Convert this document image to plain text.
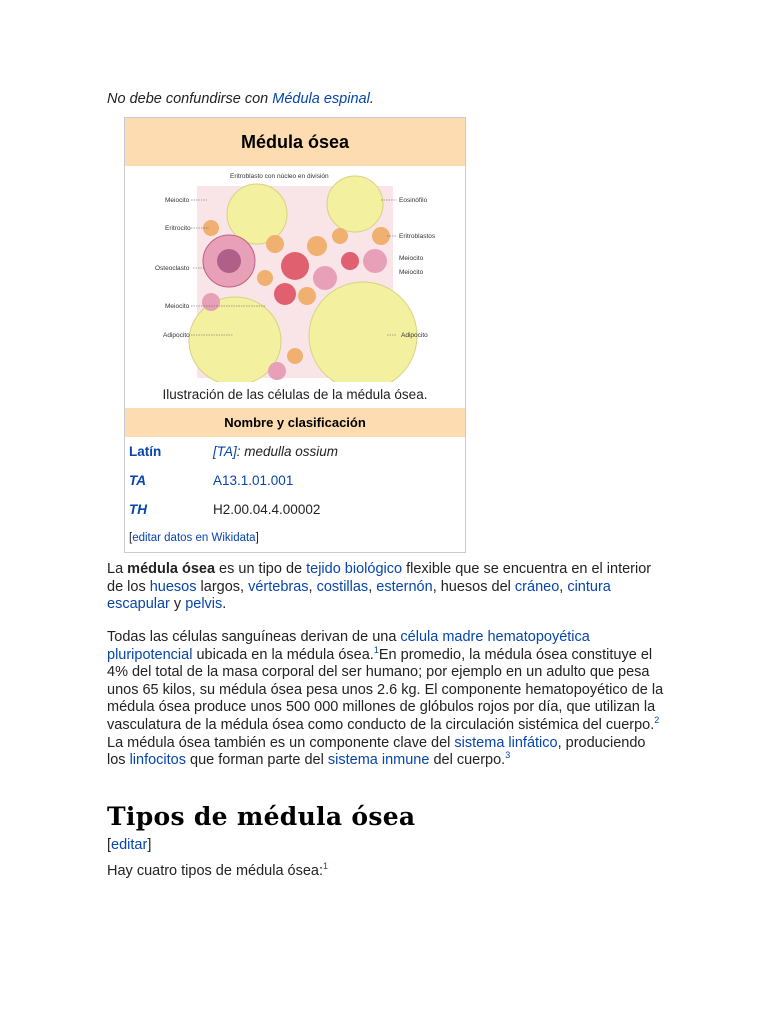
No debe confundirse con Médula espinal.
Médula ósea
Eritroblasto con núcleo en división
Meiocito
Eritrocito
Osteoclasto
Meiocito
Adipocito
Eosinófilo
Eritroblastos
Meiocito
Meiocito
Adipocito
Ilustración de las células de la médula ósea.
Nombre y clasificación
Latín	[TA]: medulla ossium
TA	A13.1.01.001
TH	H2.00.04.4.00002
[editar datos en Wikidata]

La médula ósea es un tipo de tejido biológico flexible que se encuentra en el interior de los huesos largos, vértebras, costillas, esternón, huesos del cráneo, cintura escapular y pelvis.

Todas las células sanguíneas derivan de una célula madre hematopoyética pluripotencial ubicada en la médula ósea.$^1$En promedio, la médula ósea constituye el 4% del total de la masa corporal del ser humano; por ejemplo en un adulto que pesa unos 65 kilos, su médula ósea pesa unos 2.6 kg. El componente hematopoyético de la médula ósea produce unos 500 000 millones de glóbulos rojos por día, que utilizan la vasculatura de la médula ósea como conducto de la circulación sistémica del cuerpo.$^2$ La médula ósea también es un componente clave del sistema linfático, produciendo los linfocitos que forman parte del sistema inmune del cuerpo.$^3$

Tipos de médula ósea
[editar]
Hay cuatro tipos de médula ósea:$^1$
